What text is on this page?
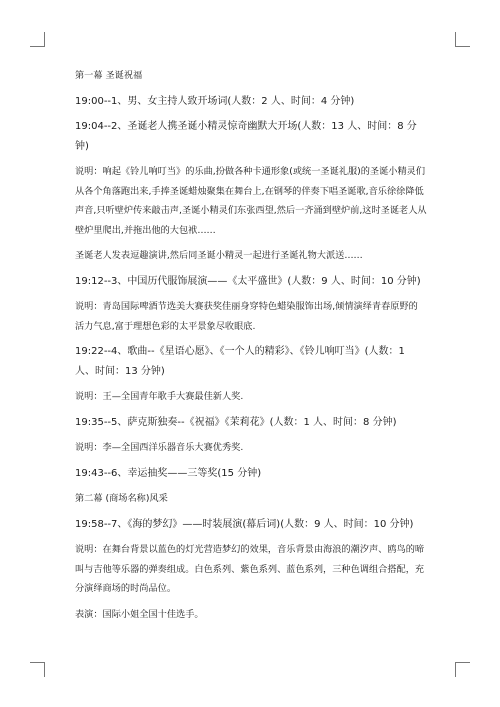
第一幕 圣诞祝福

19:00--1、男、女主持人致开场词(人数：2 人、时间：4 分钟)

19:04--2、圣诞老人携圣诞小精灵惊奇幽默大开场(人数：13 人、时间：8 分钟)

说明：响起《铃儿响叮当》的乐曲,扮做各种卡通形象(或统一圣诞礼服)的圣诞小精灵们从各个角落跑出来,手捧圣诞蜡烛聚集在舞台上,在钢琴的伴奏下唱圣诞歌,音乐徐徐降低声音,只听壁炉传来敲击声,圣诞小精灵们东张西望,然后一齐涌到壁炉前,这时圣诞老人从壁炉里爬出,并拖出他的大包袱……

圣诞老人发表逗趣演讲,然后同圣诞小精灵一起进行圣诞礼物大派送……

19:12--3、中国历代服饰展演——《太平盛世》(人数：9 人、时间：10 分钟)

说明：青岛国际啤酒节选美大赛获奖佳丽身穿特色蜡染服饰出场,倾情演绎青春原野的活力气息,富于理想色彩的太平景象尽收眼底.

19:22--4、歌曲--《星语心愿》、《一个人的精彩》、《铃儿响叮当》(人数：1 人、时间：13 分钟)

说明：王—全国青年歌手大赛最佳新人奖.

19:35--5、萨克斯独奏--《祝福》《茉莉花》(人数：1 人、时间：8 分钟)

说明：李—全国西洋乐器音乐大赛优秀奖.

19:43--6、幸运抽奖——三等奖(15 分钟)

第二幕 (商场名称)风采

19:58--7、《海的梦幻》——时装展演(幕后词)(人数：9 人、时间：10 分钟)

说明：在舞台背景以蓝色的灯光营造梦幻的效果，音乐背景由海浪的潮汐声、鸥鸟的啼叫与吉他等乐器的弹奏组成。白色系列、紫色系列、蓝色系列，三种色调组合搭配，充分演绎商场的时尚品位。

表演：国际小姐全国十佳选手。
